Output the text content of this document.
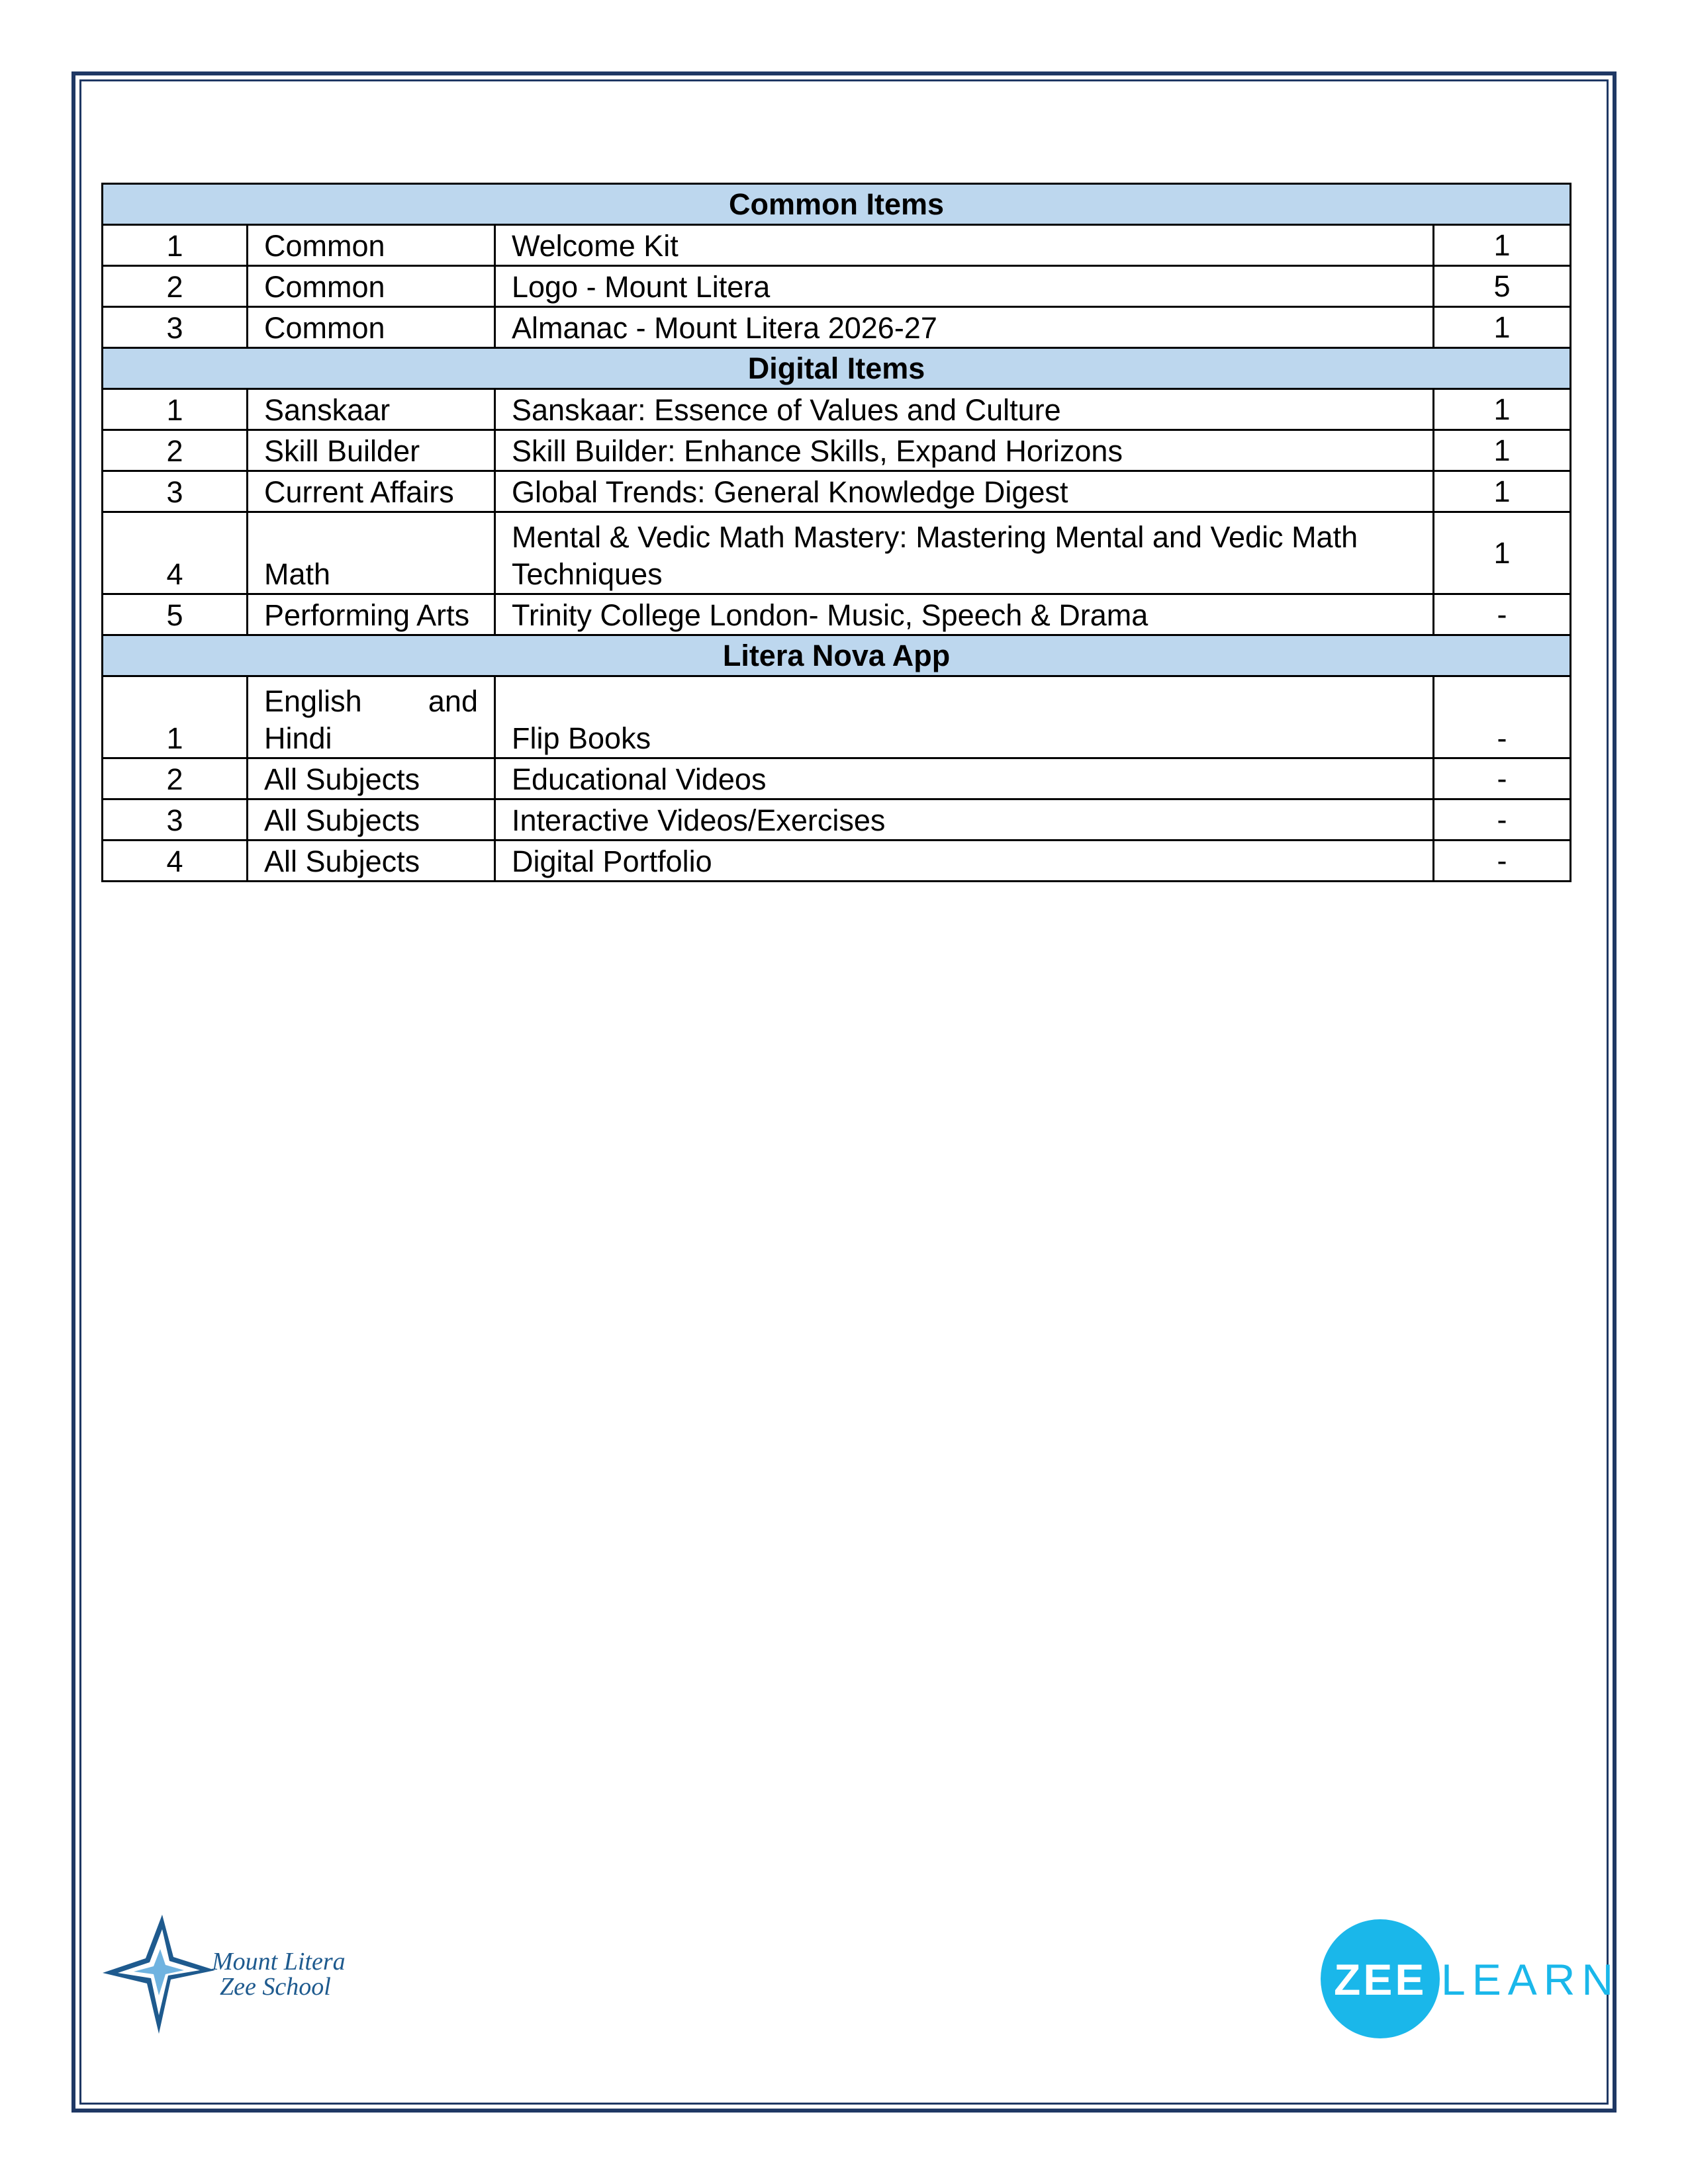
Common Items			
1	Common	Welcome Kit	1
2	Common	Logo - Mount Litera	5
3	Common	Almanac - Mount Litera 2026-27	1
Digital Items			
1	Sanskaar	Sanskaar: Essence of Values and Culture	1
2	Skill Builder	Skill Builder: Enhance Skills, Expand Horizons	1
3	Current Affairs	Global Trends: General Knowledge Digest	1
4	Math	Mental & Vedic Math Mastery: Mastering Mental and Vedic Math Techniques	1
5	Performing Arts	Trinity College London- Music, Speech & Drama	-
Litera Nova App			
1	English and Hindi	Flip Books	-
2	All Subjects	Educational Videos	-
3	All Subjects	Interactive Videos/Exercises	-
4	All Subjects	Digital Portfolio	-
Mount Litera
Zee School	ZEE LEARN
